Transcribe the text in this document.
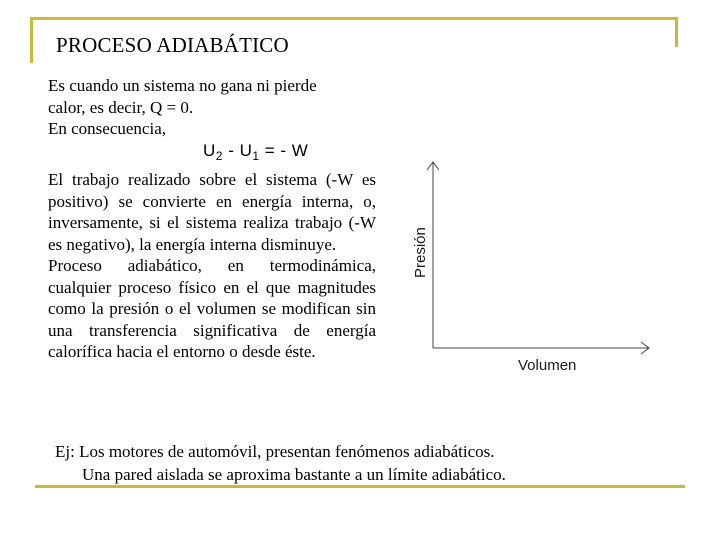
PROCESO ADIABÁTICO
Es cuando un sistema no gana ni pierde
calor, es decir, Q = 0.
En consecuencia,
$U_2 - U_1$ = - W
El trabajo realizado sobre el sistema (-W es positivo) se convierte en energía interna, o, inversamente, si el sistema realiza trabajo (-W es negativo), la energía interna disminuye.
Proceso adiabático, en termodinámica, cualquier proceso físico en el que magnitudes como la presión o el volumen se modifican sin una transferencia significativa de energía calorífica hacia el entorno o desde éste.
Presión
Volumen
Ej: Los motores de automóvil, presentan fenómenos adiabáticos.
Una pared aislada se aproxima bastante a un límite adiabático.
